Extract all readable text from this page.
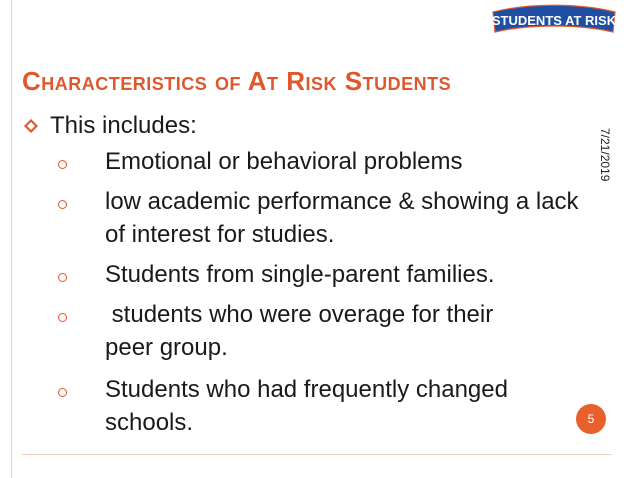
STUDENTS AT RISK
Characteristics of At Risk Students
7/21/2019
This includes:
Emotional or behavioral problems
low academic performance & showing a lack of interest for studies.
Students from single-parent families.
students who were overage for their peer group.
Students who had frequently changed schools.	5
